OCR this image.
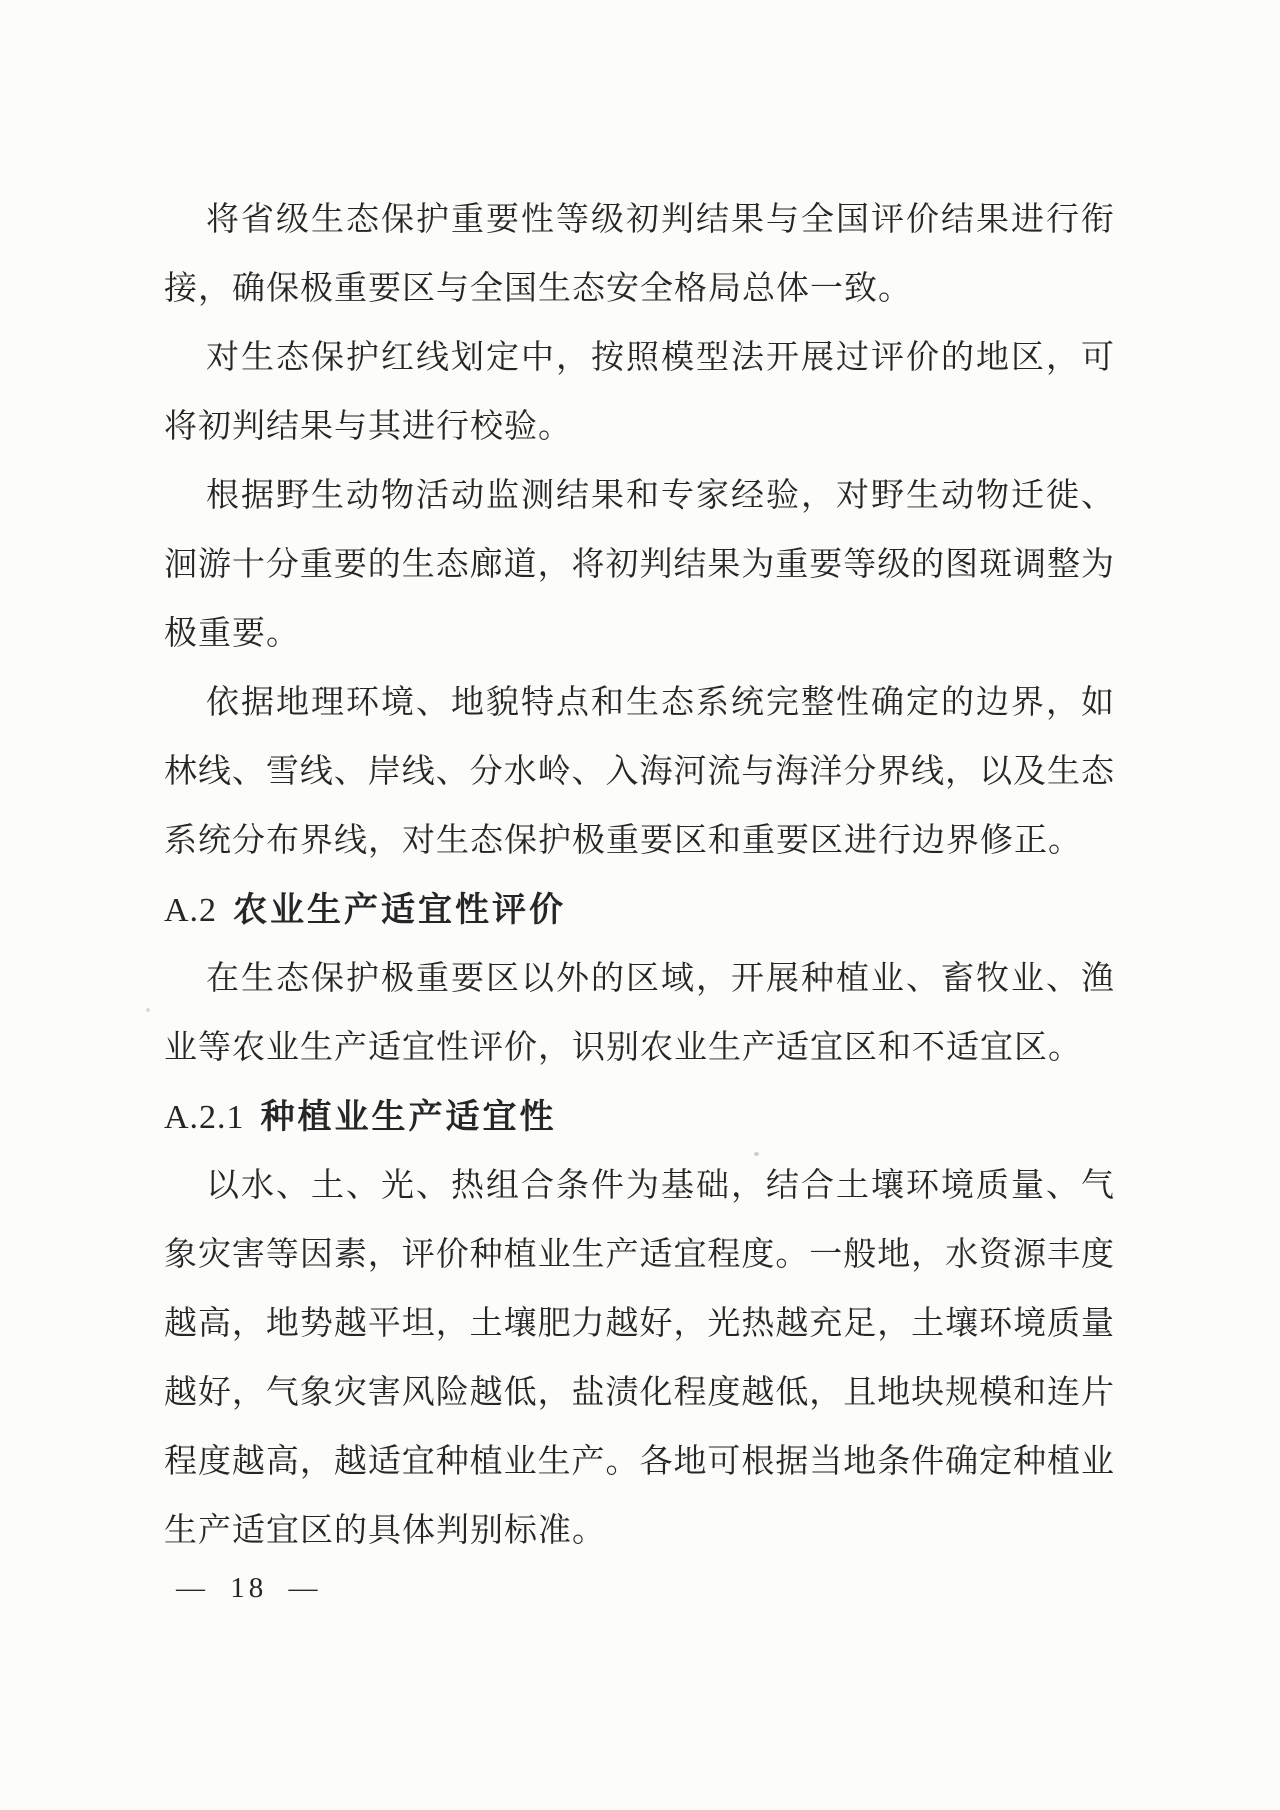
将省级生态保护重要性等级初判结果与全国评价结果进行衔
接，确保极重要区与全国生态安全格局总体一致。
对生态保护红线划定中，按照模型法开展过评价的地区，可
将初判结果与其进行校验。
根据野生动物活动监测结果和专家经验，对野生动物迁徙、
洄游十分重要的生态廊道，将初判结果为重要等级的图斑调整为
极重要。
依据地理环境、地貌特点和生态系统完整性确定的边界，如
林线、雪线、岸线、分水岭、入海河流与海洋分界线，以及生态
系统分布界线，对生态保护极重要区和重要区进行边界修正。
A.2 农业生产适宜性评价
在生态保护极重要区以外的区域，开展种植业、畜牧业、渔
业等农业生产适宜性评价，识别农业生产适宜区和不适宜区。
A.2.1 种植业生产适宜性
以水、土、光、热组合条件为基础，结合土壤环境质量、气
象灾害等因素，评价种植业生产适宜程度。一般地，水资源丰度
越高，地势越平坦，土壤肥力越好，光热越充足，土壤环境质量
越好，气象灾害风险越低，盐渍化程度越低，且地块规模和连片
程度越高，越适宜种植业生产。各地可根据当地条件确定种植业
生产适宜区的具体判别标准。
— 18 —
